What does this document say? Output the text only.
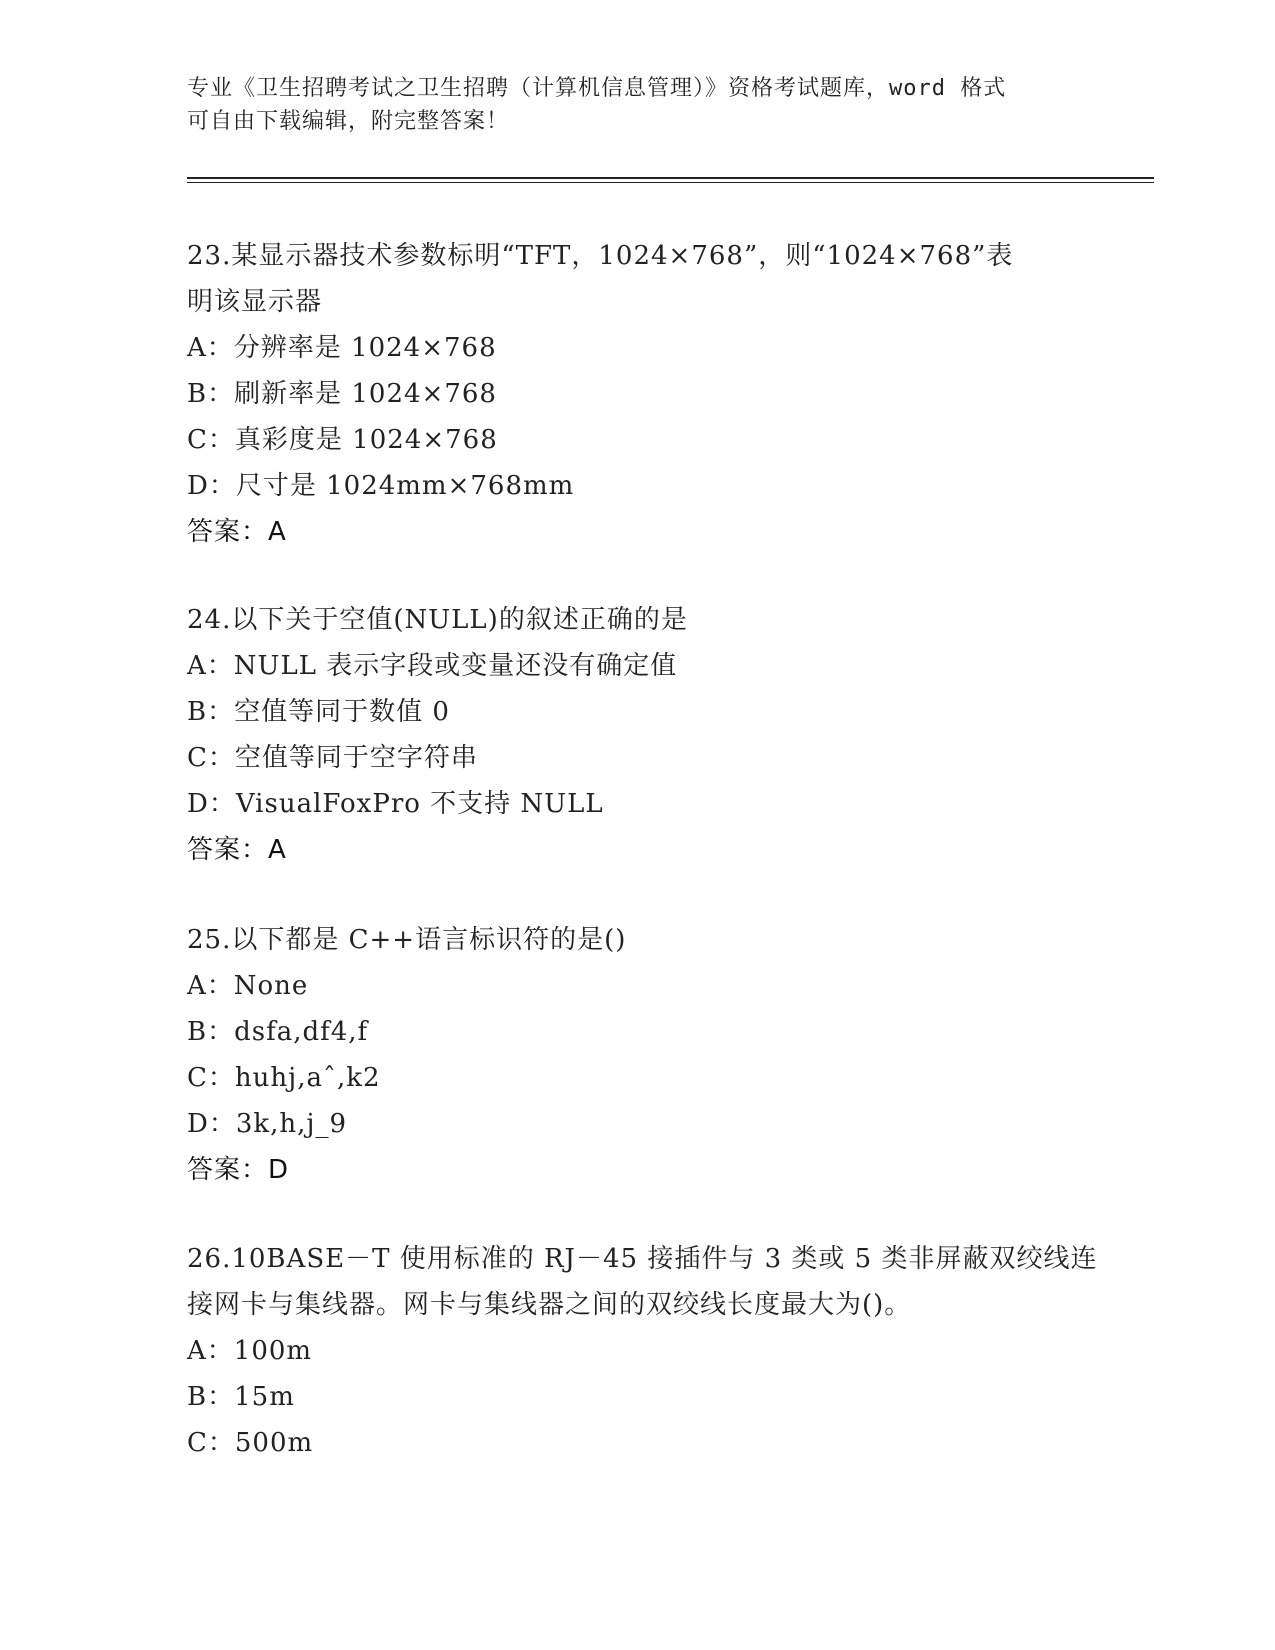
专业《卫生招聘考试之卫生招聘（计算机信息管理）》资格考试题库，word 格式
可自由下载编辑，附完整答案！
23.某显示器技术参数标明“TFT，1024×768”，则“1024×768”表
明该显示器
A：分辨率是 1024×768
B：刷新率是 1024×768
C：真彩度是 1024×768
D：尺寸是 1024mm×768mm
答案：A
24.以下关于空值(NULL)的叙述正确的是
A：NULL 表示字段或变量还没有确定值
B：空值等同于数值 0
C：空值等同于空字符串
D：VisualFoxPro 不支持 NULL
答案：A
25.以下都是 C++语言标识符的是()
A：None
B：dsfa,df4,f
C：huhj,aˆ,k2
D：3k,h,j_9
答案：D
26.10BASE－T 使用标准的 RJ－45 接插件与 3 类或 5 类非屏蔽双绞线连
接网卡与集线器。网卡与集线器之间的双绞线长度最大为()。
A：100m
B：15m
C：500m
